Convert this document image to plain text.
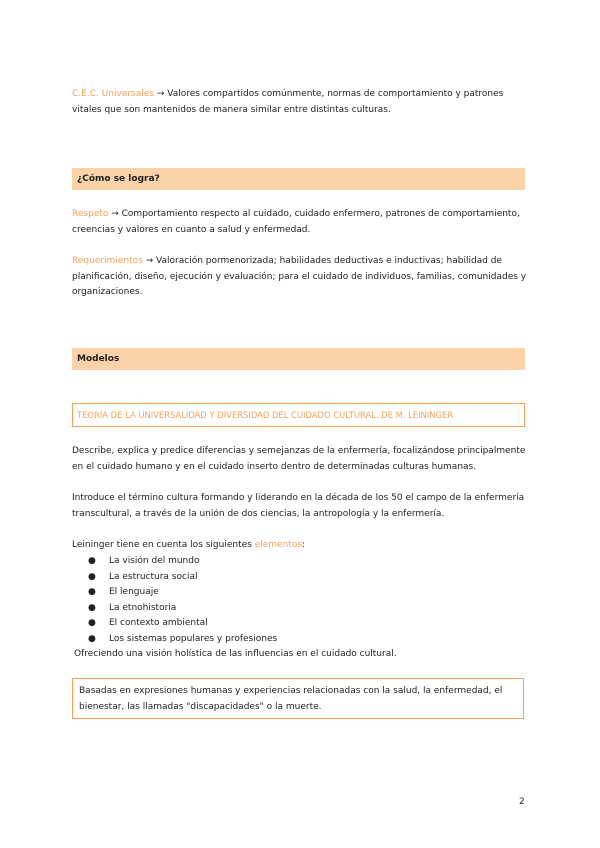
C.E.C. Universales → Valores compartidos comúnmente, normas de comportamiento y patrones vitales que son mantenidos de manera similar entre distintas culturas.

¿Cómo se logra?

Respeto → Comportamiento respecto al cuidado, cuidado enfermero, patrones de comportamiento, creencias y valores en cuanto a salud y enfermedad.

Requerimientos → Valoración pormenorizada; habilidades deductivas e inductivas; habilidad de planificación, diseño, ejecución y evaluación; para el cuidado de individuos, familias, comunidades y organizaciones.

Modelos
TEORÍA DE LA UNIVERSALIDAD Y DIVERSIDAD DEL CUIDADO CULTURAL. DE M. LEININGER

Describe, explica y predice diferencias y semejanzas de la enfermería, focalizándose principalmente en el cuidado humano y en el cuidado inserto dentro de determinadas culturas humanas.

Introduce el término cultura formando y liderando en la década de los 50 el campo de la enfermería transcultural, a través de la unión de dos ciencias, la antropología y la enfermería.

Leininger tiene en cuenta los siguientes elementos:

● La visión del mundo
● La estructura social
● El lenguaje
● La etnohistoria
● El contexto ambiental
● Los sistemas populares y profesiones

Ofreciendo una visión holística de las influencias en el cuidado cultural.

Basadas en expresiones humanas y experiencias relacionadas con la salud, la enfermedad, el bienestar, las llamadas "discapacidades" o la muerte.
2
